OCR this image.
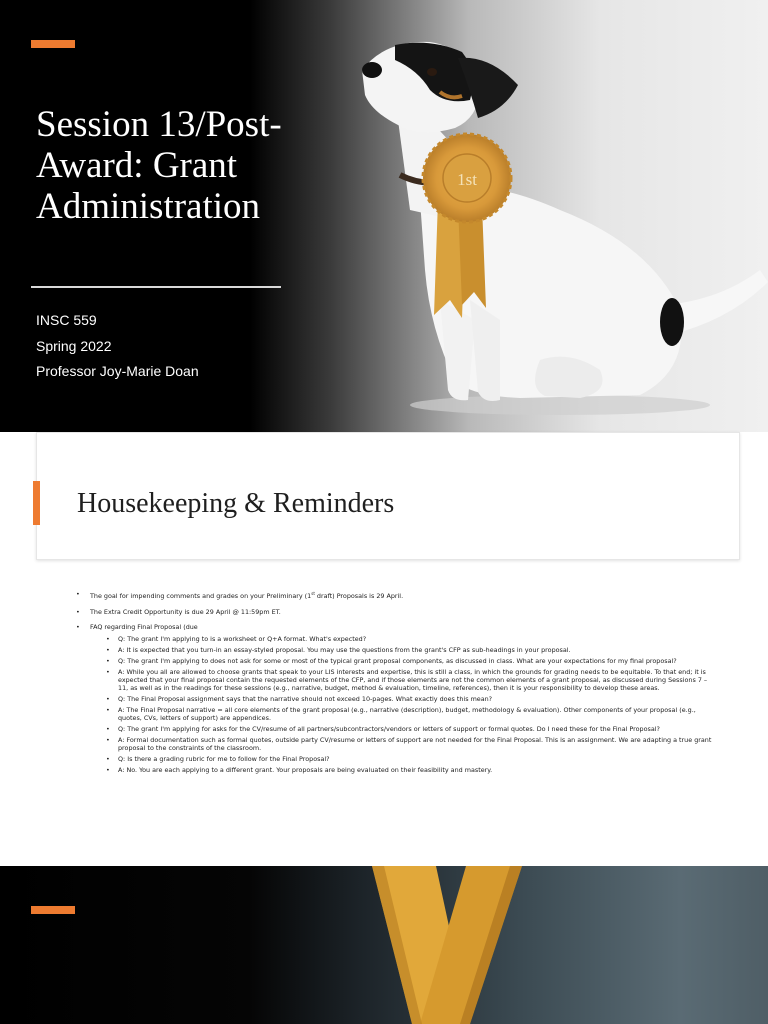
1st
Session 13/Post-Award: Grant Administration
INSC 559
Spring 2022
Professor Joy-Marie Doan
Housekeeping & Reminders
• The goal for impending comments and grades on your Preliminary (1st draft) Proposals is 29 April.
• The Extra Credit Opportunity is due 29 April @ 11:59pm ET.
• FAQ regarding Final Proposal (due
• Q: The grant I'm applying to is a worksheet or Q+A format. What's expected?
• A: It is expected that you turn-in an essay-styled proposal. You may use the questions from the grant's CFP as sub-headings in your proposal.
• Q: The grant I'm applying to does not ask for some or most of the typical grant proposal components, as discussed in class. What are your expectations for my final proposal?
• A: While you all are allowed to choose grants that speak to your LIS interests and expertise, this is still a class, in which the grounds for grading needs to be equitable. To that end; it is expected that your final proposal contain the requested elements of the CFP, and if those elements are not the common elements of a grant proposal, as discussed during Sessions 7 – 11, as well as in the readings for these sessions (e.g., narrative, budget, method & evaluation, timeline, references), then it is your responsibility to develop these areas.
• Q: The Final Proposal assignment says that the narrative should not exceed 10-pages. What exactly does this mean?
• A: The Final Proposal narrative = all core elements of the grant proposal (e.g., narrative (description), budget, methodology & evaluation). Other components of your proposal (e.g., quotes, CVs, letters of support) are appendices.
• Q: The grant I'm applying for asks for the CV/resume of all partners/subcontractors/vendors or letters of support or formal quotes. Do I need these for the Final Proposal?
• A: Formal documentation such as formal quotes, outside party CV/resume or letters of support are not needed for the Final Proposal. This is an assignment. We are adapting a true grant proposal to the constraints of the classroom.
• Q: Is there a grading rubric for me to follow for the Final Proposal?
• A: No. You are each applying to a different grant. Your proposals are being evaluated on their feasibility and mastery.
